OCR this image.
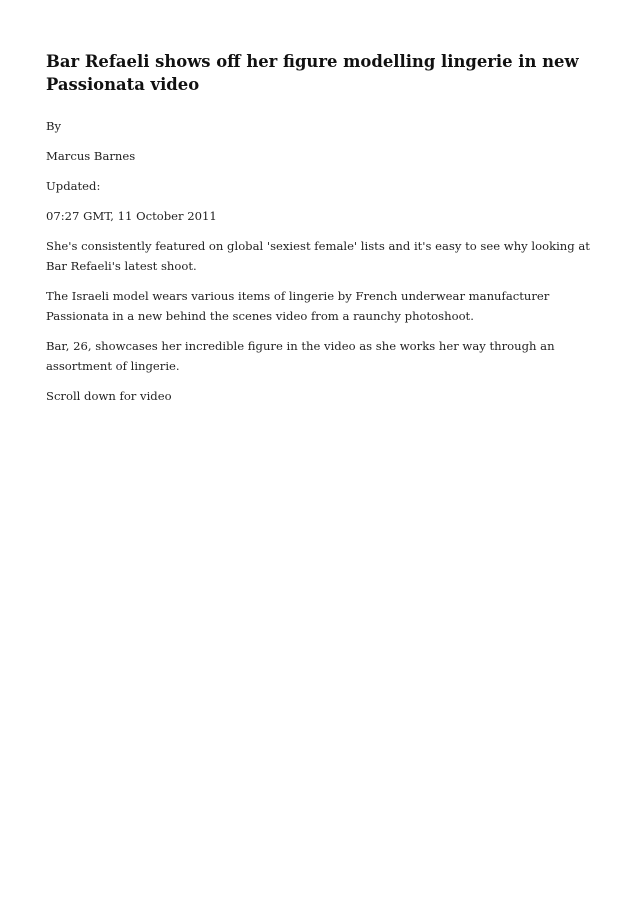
Bar Refaeli shows off her figure modelling lingerie in new Passionata video

By

Marcus Barnes

Updated:

07:27 GMT, 11 October 2011

She's consistently featured on global 'sexiest female' lists and it's easy to see why looking at Bar Refaeli's latest shoot.

The Israeli model wears various items of lingerie by French underwear manufacturer Passionata in a new behind the scenes video from a raunchy photoshoot.

Bar, 26, showcases her incredible figure in the video as she works her way through an assortment of lingerie.

Scroll down for video
